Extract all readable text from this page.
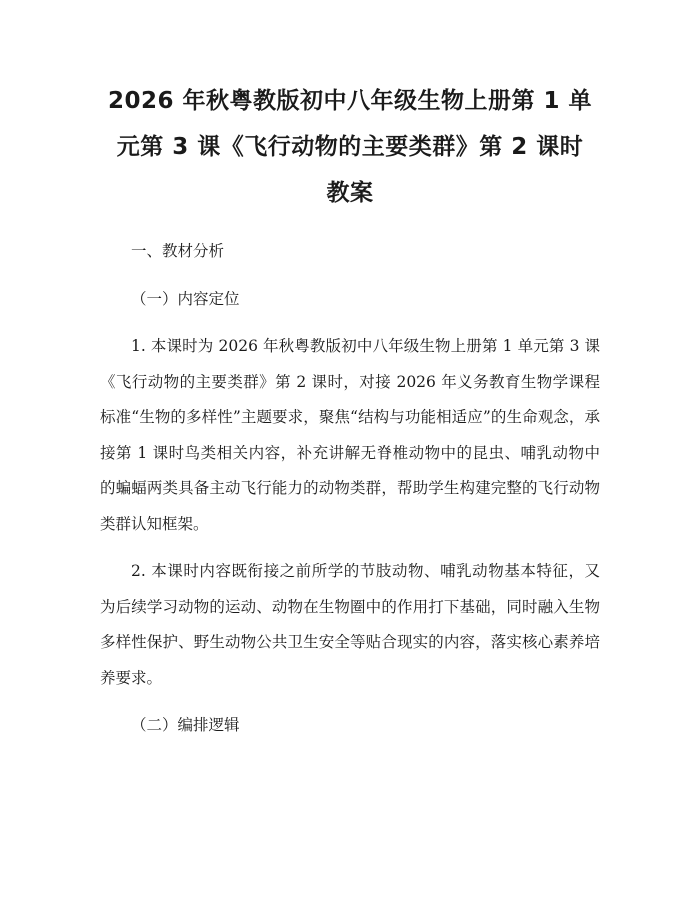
2026 年秋粤教版初中八年级生物上册第 1 单
元第 3 课《飞行动物的主要类群》第 2 课时
教案

一、教材分析

（一）内容定位

1. 本课时为 2026 年秋粤教版初中八年级生物上册第 1 单元第 3 课《飞行动物的主要类群》第 2 课时，对接 2026 年义务教育生物学课程标准“生物的多样性”主题要求，聚焦“结构与功能相适应”的生命观念，承接第 1 课时鸟类相关内容，补充讲解无脊椎动物中的昆虫、哺乳动物中的蝙蝠两类具备主动飞行能力的动物类群，帮助学生构建完整的飞行动物类群认知框架。

2. 本课时内容既衔接之前所学的节肢动物、哺乳动物基本特征，又为后续学习动物的运动、动物在生物圈中的作用打下基础，同时融入生物多样性保护、野生动物公共卫生安全等贴合现实的内容，落实核心素养培养要求。

（二）编排逻辑
